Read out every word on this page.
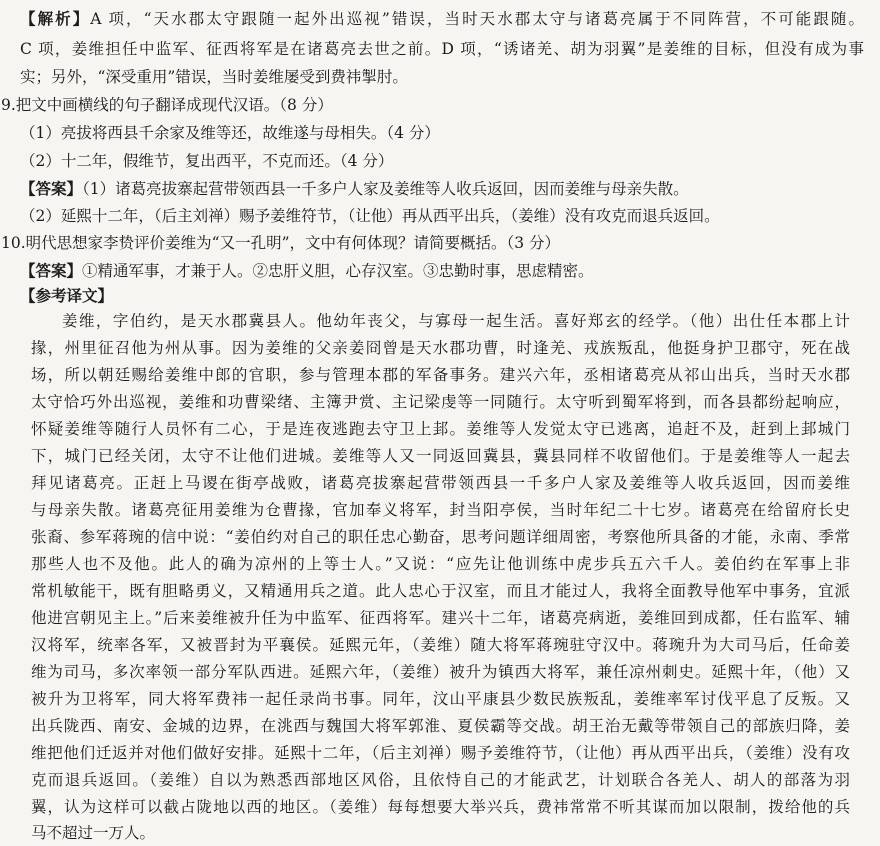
【解析】A 项，“天水郡太守跟随一起外出巡视”错误，当时天水郡太守与诸葛亮属于不同阵营，不可能跟随。
C 项，姜维担任中监军、征西将军是在诸葛亮去世之前。D 项，“诱诸羌、胡为羽翼”是姜维的目标，但没有成为事
实；另外，“深受重用”错误，当时姜维屡受到费祎掣肘。
9.把文中画横线的句子翻译成现代汉语。（8 分）
（1）亮拔将西县千余家及维等还，故维遂与母相失。（4 分）
（2）十二年，假维节，复出西平，不克而还。（4 分）
【答案】（1）诸葛亮拔寨起营带领西县一千多户人家及姜维等人收兵返回，因而姜维与母亲失散。
（2）延熙十二年，（后主刘禅）赐予姜维符节，（让他）再从西平出兵，（姜维）没有攻克而退兵返回。
10.明代思想家李贽评价姜维为“又一孔明”，文中有何体现？请简要概括。（3 分）
【答案】①精通军事，才兼于人。②忠肝义胆，心存汉室。③忠勤时事，思虑精密。
【参考译文】
姜维，字伯约，是天水郡冀县人。他幼年丧父，与寡母一起生活。喜好郑玄的经学。（他）出仕任本郡上计
掾，州里征召他为州从事。因为姜维的父亲姜冏曾是天水郡功曹，时逢羌、戎族叛乱，他挺身护卫郡守，死在战
场，所以朝廷赐给姜维中郎的官职，参与管理本郡的军备事务。建兴六年，丞相诸葛亮从祁山出兵，当时天水郡
太守恰巧外出巡视，姜维和功曹梁绪、主簿尹赏、主记梁虔等一同随行。太守听到蜀军将到，而各县都纷起响应，
怀疑姜维等随行人员怀有二心，于是连夜逃跑去守卫上邽。姜维等人发觉太守已逃离，追赶不及，赶到上邽城门
下，城门已经关闭，太守不让他们进城。姜维等人又一同返回冀县，冀县同样不收留他们。于是姜维等人一起去
拜见诸葛亮。正赶上马谡在街亭战败，诸葛亮拔寨起营带领西县一千多户人家及姜维等人收兵返回，因而姜维
与母亲失散。诸葛亮征用姜维为仓曹掾，官加奉义将军，封当阳亭侯，当时年纪二十七岁。诸葛亮在给留府长史
张裔、参军蒋琬的信中说：“姜伯约对自己的职任忠心勤奋，思考问题详细周密，考察他所具备的才能，永南、季常
那些人也不及他。此人的确为凉州的上等士人。”又说：“应先让他训练中虎步兵五六千人。姜伯约在军事上非
常机敏能干，既有胆略勇义，又精通用兵之道。此人忠心于汉室，而且才能过人，我将全面教导他军中事务，宜派
他进宫朝见主上。”后来姜维被升任为中监军、征西将军。建兴十二年，诸葛亮病逝，姜维回到成都，任右监军、辅
汉将军，统率各军，又被晋封为平襄侯。延熙元年，（姜维）随大将军蒋琬驻守汉中。蒋琬升为大司马后，任命姜
维为司马，多次率领一部分军队西进。延熙六年，（姜维）被升为镇西大将军，兼任凉州刺史。延熙十年，（他）又
被升为卫将军，同大将军费祎一起任录尚书事。同年，汶山平康县少数民族叛乱，姜维率军讨伐平息了反叛。又
出兵陇西、南安、金城的边界，在洮西与魏国大将军郭淮、夏侯霸等交战。胡王治无戴等带领自己的部族归降，姜
维把他们迁返并对他们做好安排。延熙十二年，（后主刘禅）赐予姜维符节，（让他）再从西平出兵，（姜维）没有攻
克而退兵返回。（姜维）自以为熟悉西部地区风俗，且依恃自己的才能武艺，计划联合各羌人、胡人的部落为羽
翼，认为这样可以截占陇地以西的地区。（姜维）每每想要大举兴兵，费祎常常不听其谋而加以限制，拨给他的兵
马不超过一万人。
